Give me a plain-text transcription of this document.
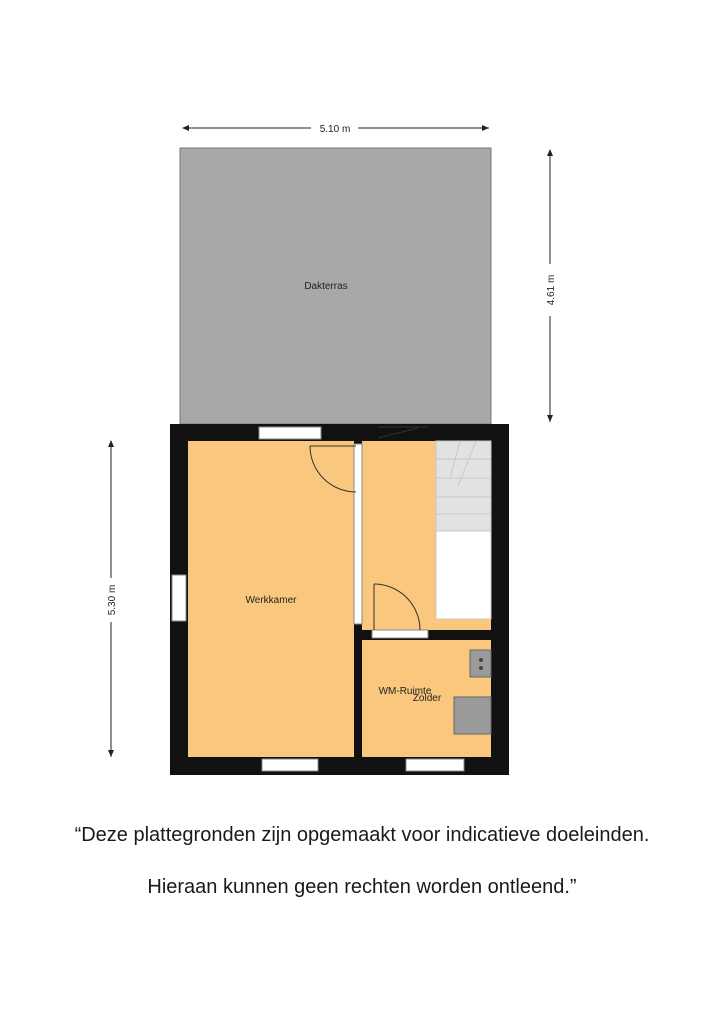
5.10 m
4.61 m
5.30 m
Dakterras
Werkkamer
WM-Ruimte
Zolder
“Deze plattegronden zijn opgemaakt voor indicatieve doeleinden.
Hieraan kunnen geen rechten worden ontleend.”
